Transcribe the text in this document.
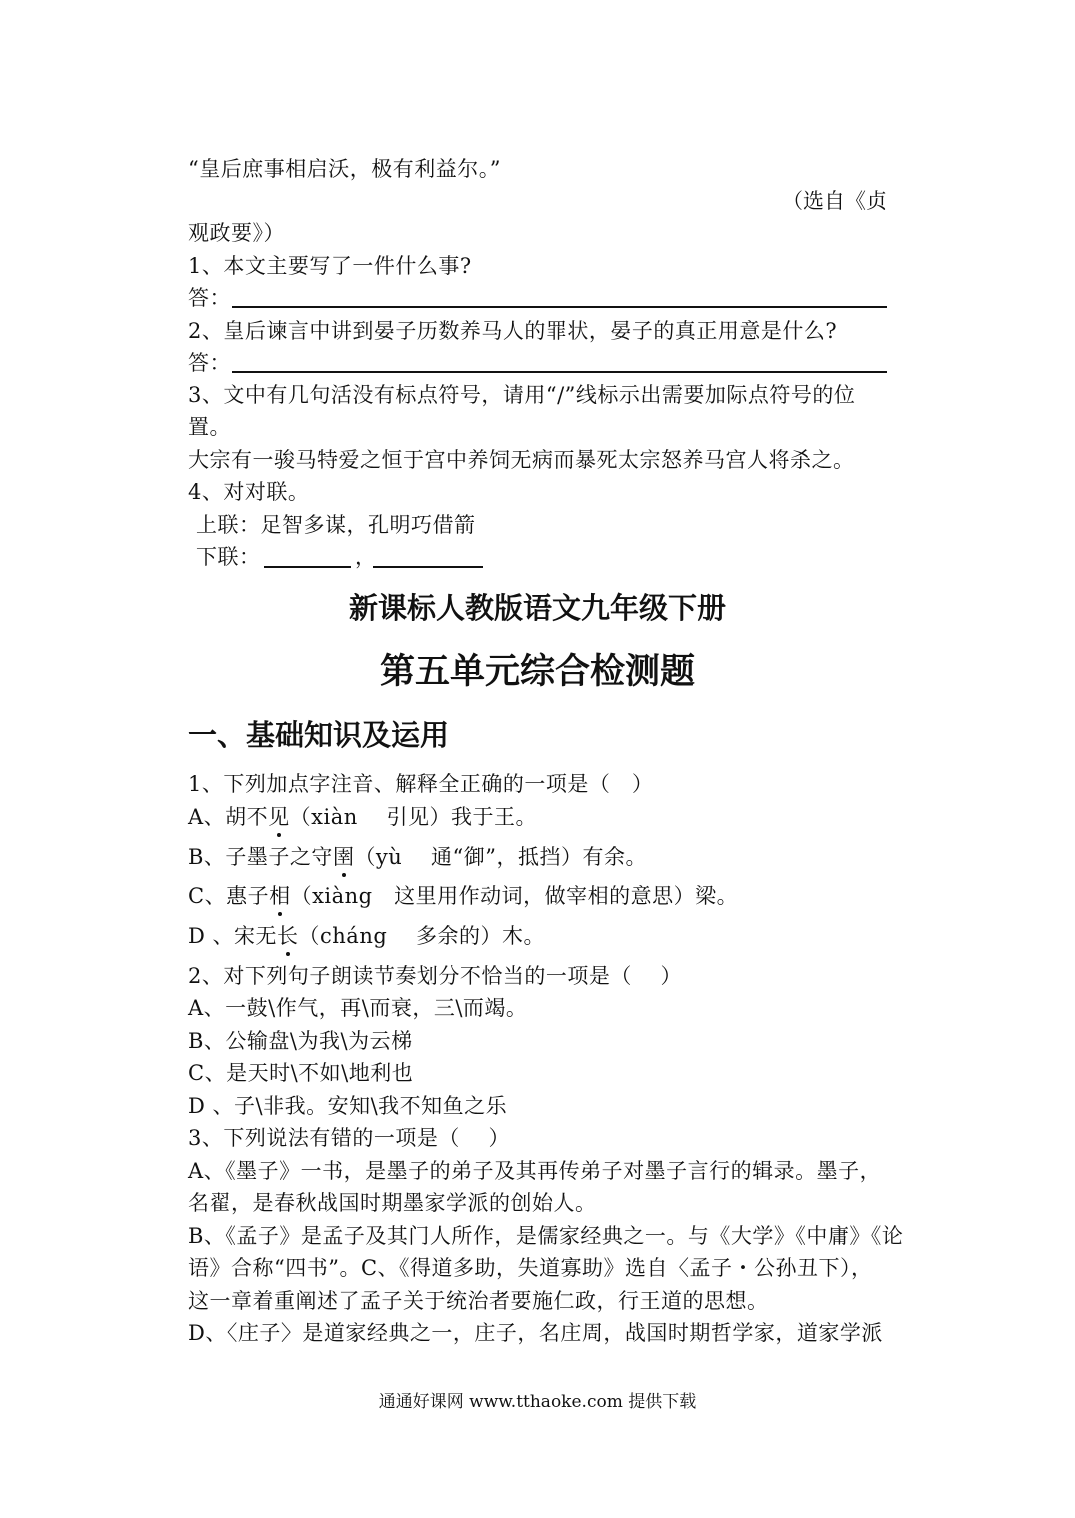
“皇后庶事相启沃，极有利益尔。”
（选自《贞
观政要》）
1、本文主要写了一件什么事?
答：
2、皇后谏言中讲到晏子历数养马人的罪状，晏子的真正用意是什么?
答：
3、文中有几句活没有标点符号，请用“/”线标示出需要加际点符号的位
置。
大宗有一骏马特爱之恒于宫中养饲无病而暴死太宗怒养马宫人将杀之。
4、对对联。
上联：足智多谋，孔明巧借箭
下联：	，
新课标人教版语文九年级下册
第五单元综合检测题
一、基础知识及运用
1、下列加点字注音、解释全正确的一项是（　）
A、胡不见（xiàn　 引见）我于王。
B、子墨子之守圉（yù　 通“御”，抵挡）有余。
C、惠子相（xiàng　这里用作动词，做宰相的意思）梁。
D 、宋无长（cháng　 多余的）木。
2、对下列句子朗读节奏划分不恰当的一项是（　 ）
A、一鼓\作气，再\而衰，三\而竭。
B、公输盘\为我\为云梯
C、是天时\不如\地利也
D 、子\非我。安知\我不知鱼之乐
3、下列说法有错的一项是（　 ）
A、《墨子》一书，是墨子的弟子及其再传弟子对墨子言行的辑录。墨子，
名翟，是春秋战国时期墨家学派的创始人。
B、《孟子》是孟子及其门人所作，是儒家经典之一。与《大学》《中庸》《论
语》合称“四书”。C、《得道多助，失道寡助》选自〈孟子・公孙丑下），
这一章着重阐述了孟子关于统治者要施仁政，行王道的思想。
D、〈庄子〉是道家经典之一，庄子，名庄周，战国时期哲学家，道家学派
通通好课网 www.tthaoke.com 提供下载
